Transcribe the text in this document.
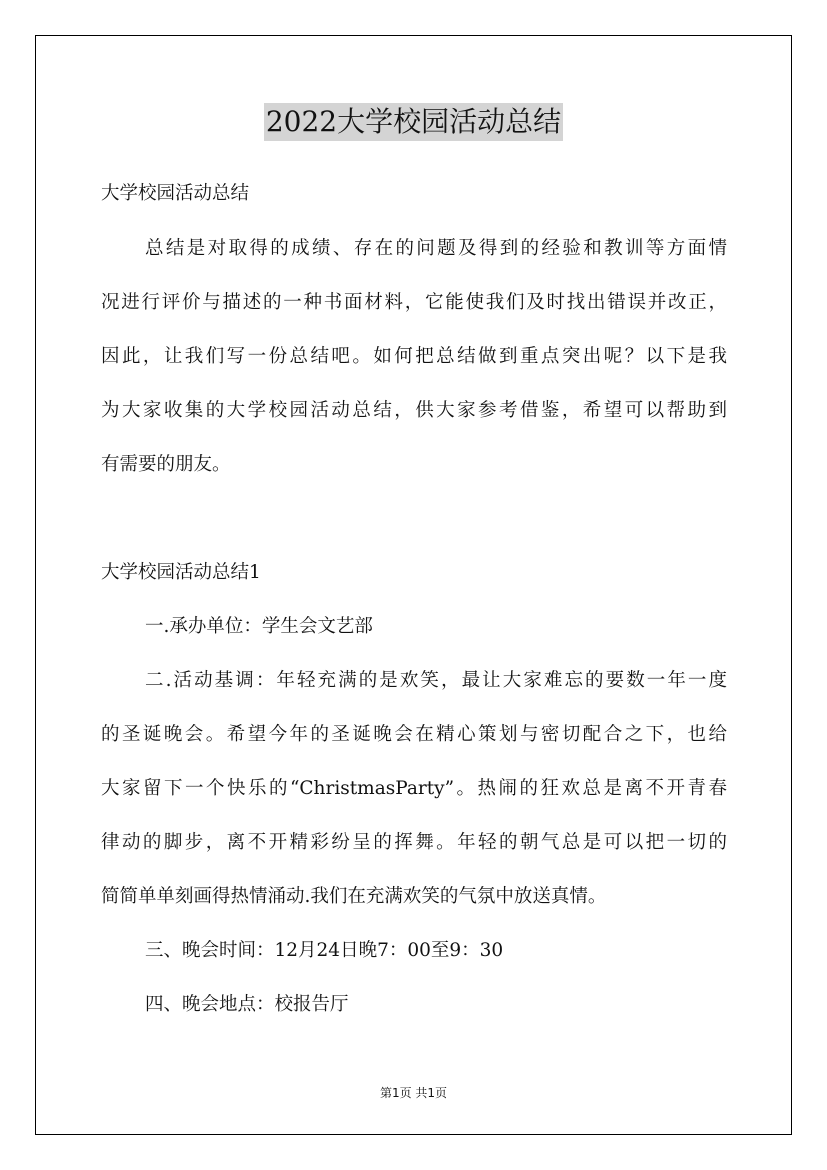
2022大学校园活动总结
大学校园活动总结
总结是对取得的成绩、存在的问题及得到的经验和教训等方面情
况进行评价与描述的一种书面材料，它能使我们及时找出错误并改正，
因此，让我们写一份总结吧。如何把总结做到重点突出呢？以下是我
为大家收集的大学校园活动总结，供大家参考借鉴，希望可以帮助到
有需要的朋友。
大学校园活动总结1
一.承办单位：学生会文艺部
二.活动基调：年轻充满的是欢笑，最让大家难忘的要数一年一度
的圣诞晚会。希望今年的圣诞晚会在精心策划与密切配合之下，也给
大家留下一个快乐的“ChristmasParty”。热闹的狂欢总是离不开青春
律动的脚步，离不开精彩纷呈的挥舞。年轻的朝气总是可以把一切的
简简单单刻画得热情涌动.我们在充满欢笑的气氛中放送真情。
三、晚会时间：12月24日晚7：00至9：30
四、晚会地点：校报告厅
第1页 共1页
